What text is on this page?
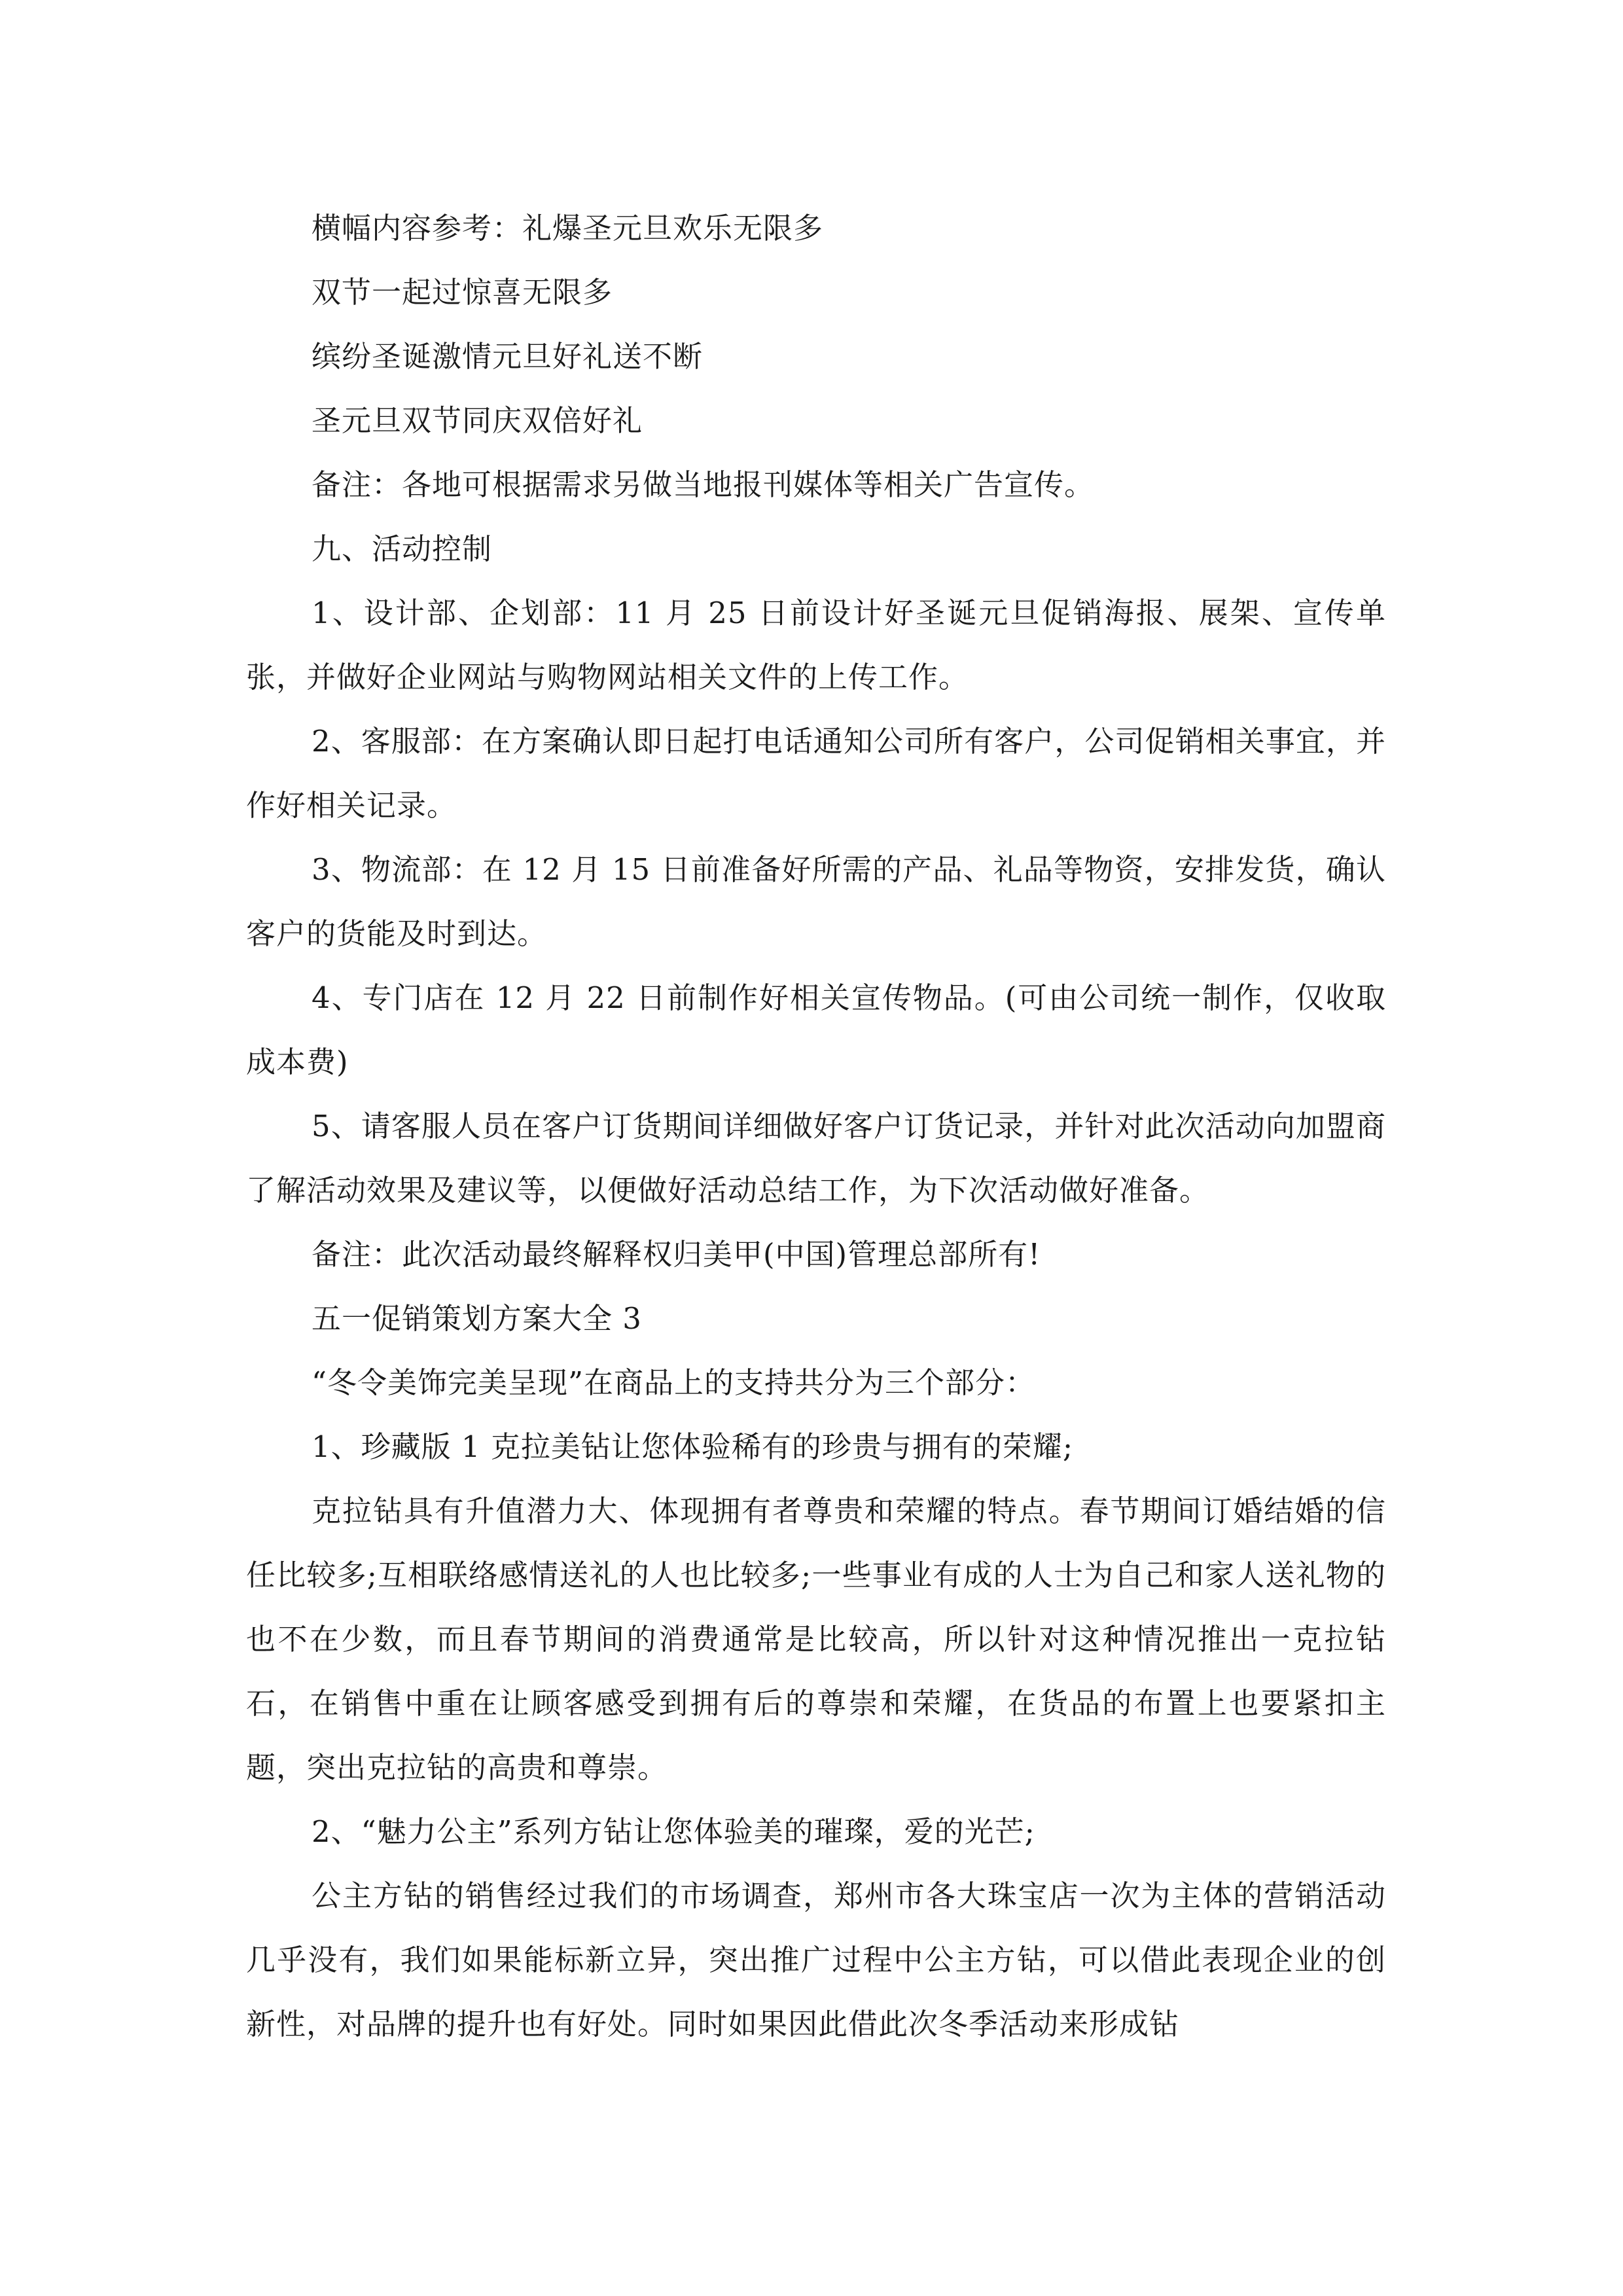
横幅内容参考：礼爆圣元旦欢乐无限多

双节一起过惊喜无限多

缤纷圣诞激情元旦好礼送不断

圣元旦双节同庆双倍好礼

备注：各地可根据需求另做当地报刊媒体等相关广告宣传。

九、活动控制

1、设计部、企划部：11 月 25 日前设计好圣诞元旦促销海报、展架、宣传单张，并做好企业网站与购物网站相关文件的上传工作。

2、客服部：在方案确认即日起打电话通知公司所有客户，公司促销相关事宜，并作好相关记录。

3、物流部：在 12 月 15 日前准备好所需的产品、礼品等物资，安排发货，确认客户的货能及时到达。

4、专门店在 12 月 22 日前制作好相关宣传物品。(可由公司统一制作，仅收取成本费)

5、请客服人员在客户订货期间详细做好客户订货记录，并针对此次活动向加盟商了解活动效果及建议等，以便做好活动总结工作，为下次活动做好准备。

备注：此次活动最终解释权归美甲(中国)管理总部所有!

五一促销策划方案大全 3

“冬令美饰完美呈现”在商品上的支持共分为三个部分：

1、珍藏版 1 克拉美钻让您体验稀有的珍贵与拥有的荣耀;

克拉钻具有升值潜力大、体现拥有者尊贵和荣耀的特点。春节期间订婚结婚的信任比较多;互相联络感情送礼的人也比较多;一些事业有成的人士为自己和家人送礼物的也不在少数，而且春节期间的消费通常是比较高，所以针对这种情况推出一克拉钻石，在销售中重在让顾客感受到拥有后的尊崇和荣耀，在货品的布置上也要紧扣主题，突出克拉钻的高贵和尊崇。

2、“魅力公主”系列方钻让您体验美的璀璨，爱的光芒;

公主方钻的销售经过我们的市场调查，郑州市各大珠宝店一次为主体的营销活动几乎没有，我们如果能标新立异，突出推广过程中公主方钻，可以借此表现企业的创新性，对品牌的提升也有好处。同时如果因此借此次冬季活动来形成钻
